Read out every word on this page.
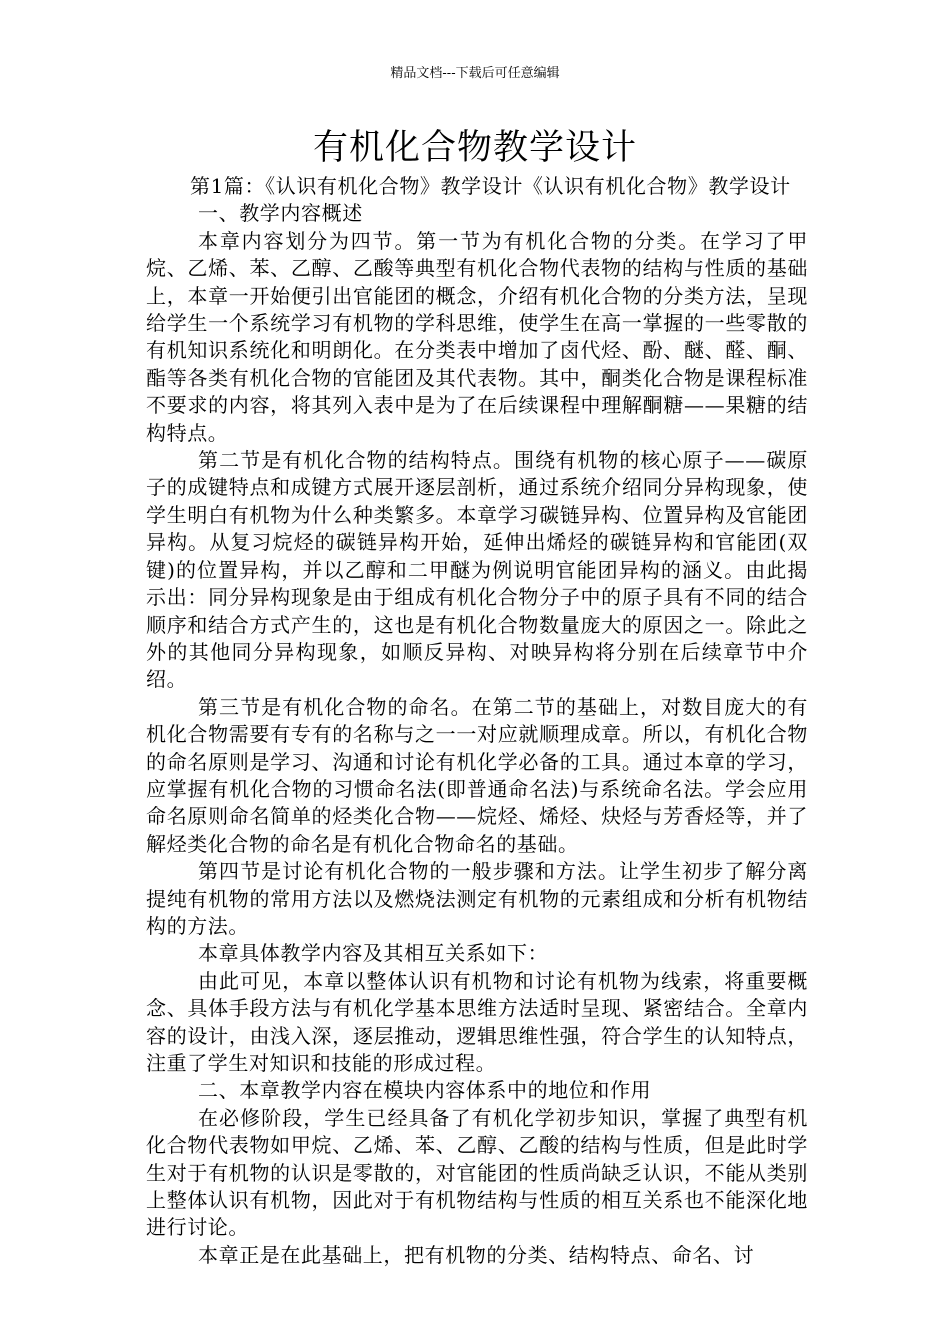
精品文档---下载后可任意编辑
有机化合物教学设计

第1篇：《认识有机化合物》教学设计《认识有机化合物》教学设计

一、教学内容概述

本章内容划分为四节。第一节为有机化合物的分类。在学习了甲烷、乙烯、苯、乙醇、乙酸等典型有机化合物代表物的结构与性质的基础上，本章一开始便引出官能团的概念，介绍有机化合物的分类方法，呈现给学生一个系统学习有机物的学科思维，使学生在高一掌握的一些零散的有机知识系统化和明朗化。在分类表中增加了卤代烃、酚、醚、醛、酮、酯等各类有机化合物的官能团及其代表物。其中，酮类化合物是课程标准不要求的内容，将其列入表中是为了在后续课程中理解酮糖——果糖的结构特点。

第二节是有机化合物的结构特点。围绕有机物的核心原子——碳原子的成键特点和成键方式展开逐层剖析，通过系统介绍同分异构现象，使学生明白有机物为什么种类繁多。本章学习碳链异构、位置异构及官能团异构。从复习烷烃的碳链异构开始，延伸出烯烃的碳链异构和官能团(双键)的位置异构，并以乙醇和二甲醚为例说明官能团异构的涵义。由此揭示出：同分异构现象是由于组成有机化合物分子中的原子具有不同的结合顺序和结合方式产生的，这也是有机化合物数量庞大的原因之一。除此之外的其他同分异构现象，如顺反异构、对映异构将分别在后续章节中介绍。

第三节是有机化合物的命名。在第二节的基础上，对数目庞大的有机化合物需要有专有的名称与之一一对应就顺理成章。所以，有机化合物的命名原则是学习、沟通和讨论有机化学必备的工具。通过本章的学习，应掌握有机化合物的习惯命名法(即普通命名法)与系统命名法。学会应用命名原则命名简单的烃类化合物——烷烃、烯烃、炔烃与芳香烃等，并了解烃类化合物的命名是有机化合物命名的基础。

第四节是讨论有机化合物的一般步骤和方法。让学生初步了解分离提纯有机物的常用方法以及燃烧法测定有机物的元素组成和分析有机物结构的方法。

本章具体教学内容及其相互关系如下：

由此可见，本章以整体认识有机物和讨论有机物为线索，将重要概念、具体手段方法与有机化学基本思维方法适时呈现、紧密结合。全章内容的设计，由浅入深，逐层推动，逻辑思维性强，符合学生的认知特点，注重了学生对知识和技能的形成过程。

二、本章教学内容在模块内容体系中的地位和作用

在必修阶段，学生已经具备了有机化学初步知识，掌握了典型有机化合物代表物如甲烷、乙烯、苯、乙醇、乙酸的结构与性质，但是此时学生对于有机物的认识是零散的，对官能团的性质尚缺乏认识，不能从类别上整体认识有机物，因此对于有机物结构与性质的相互关系也不能深化地进行讨论。

本章正是在此基础上，把有机物的分类、结构特点、命名、讨
